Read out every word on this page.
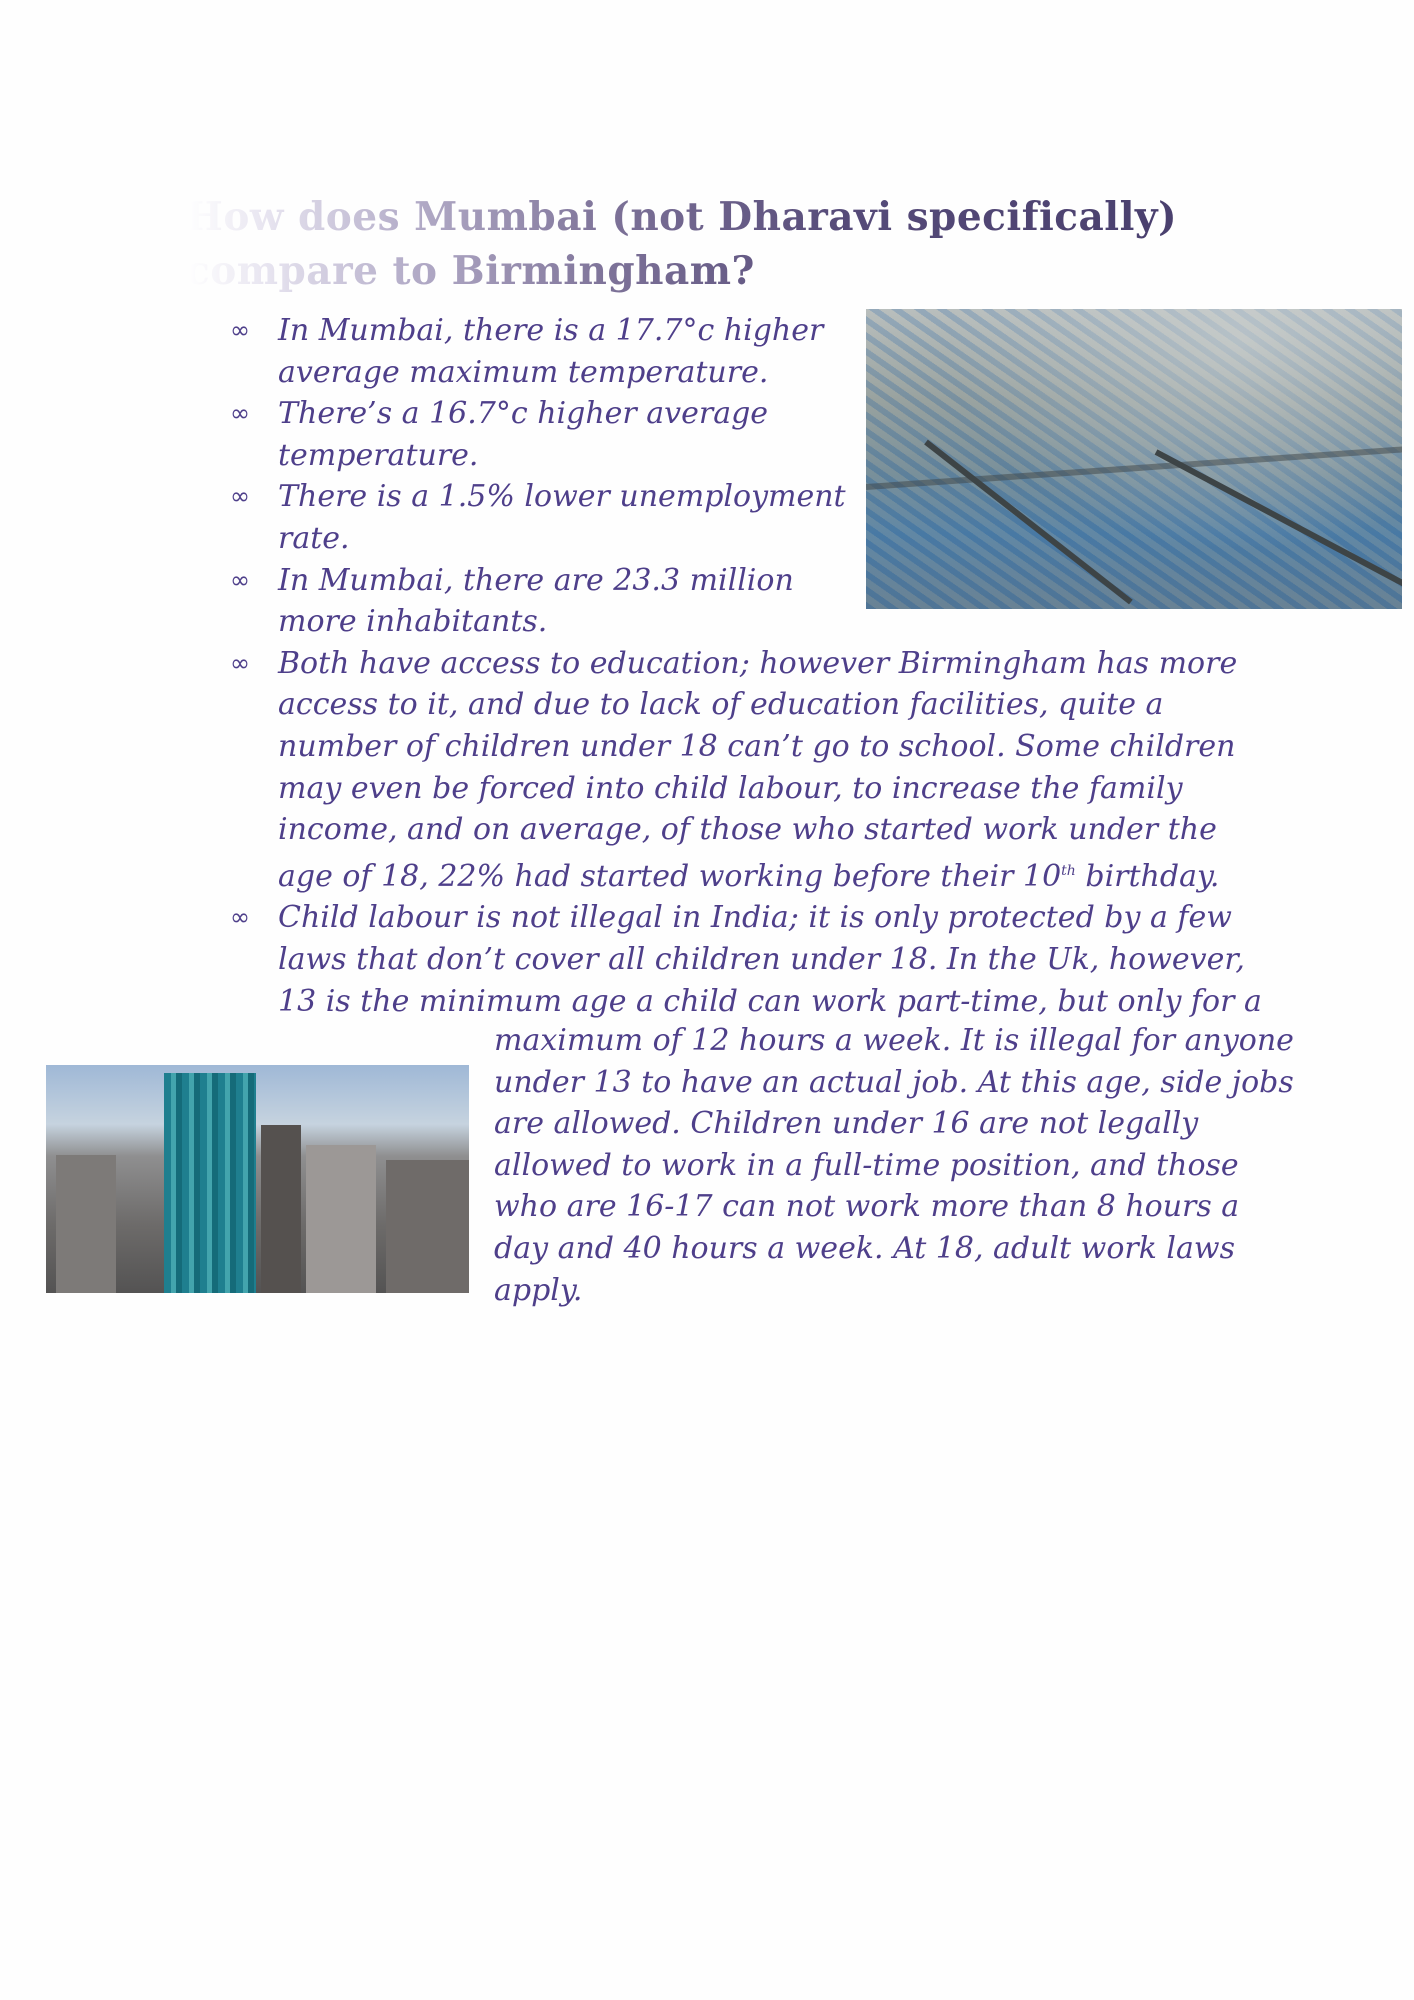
How does Mumbai (not Dharavi specifically)
compare to Birmingham?
∞ In Mumbai, there is a 17.7°c higher average maximum temperature.
∞ There’s a 16.7°c higher average temperature.
∞ There is a 1.5% lower unemployment rate.
∞ In Mumbai, there are 23.3 million more inhabitants.
∞ Both have access to education; however Birmingham has more access to it, and due to lack of education facilities, quite a number of children under 18 can’t go to school. Some children may even be forced into child labour, to increase the family income, and on average, of those who started work under the age of 18, 22% had started working before their 10th birthday.
∞ Child labour is not illegal in India; it is only protected by a few laws that don’t cover all children under 18. In the Uk, however, 13 is the minimum age a child can work part-time, but only for a
maximum of 12 hours a week. It is illegal for anyone under 13 to have an actual job. At this age, side jobs are allowed. Children under 16 are not legally allowed to work in a full-time position, and those who are 16-17 can not work more than 8 hours a day and 40 hours a week. At 18, adult work laws apply.
